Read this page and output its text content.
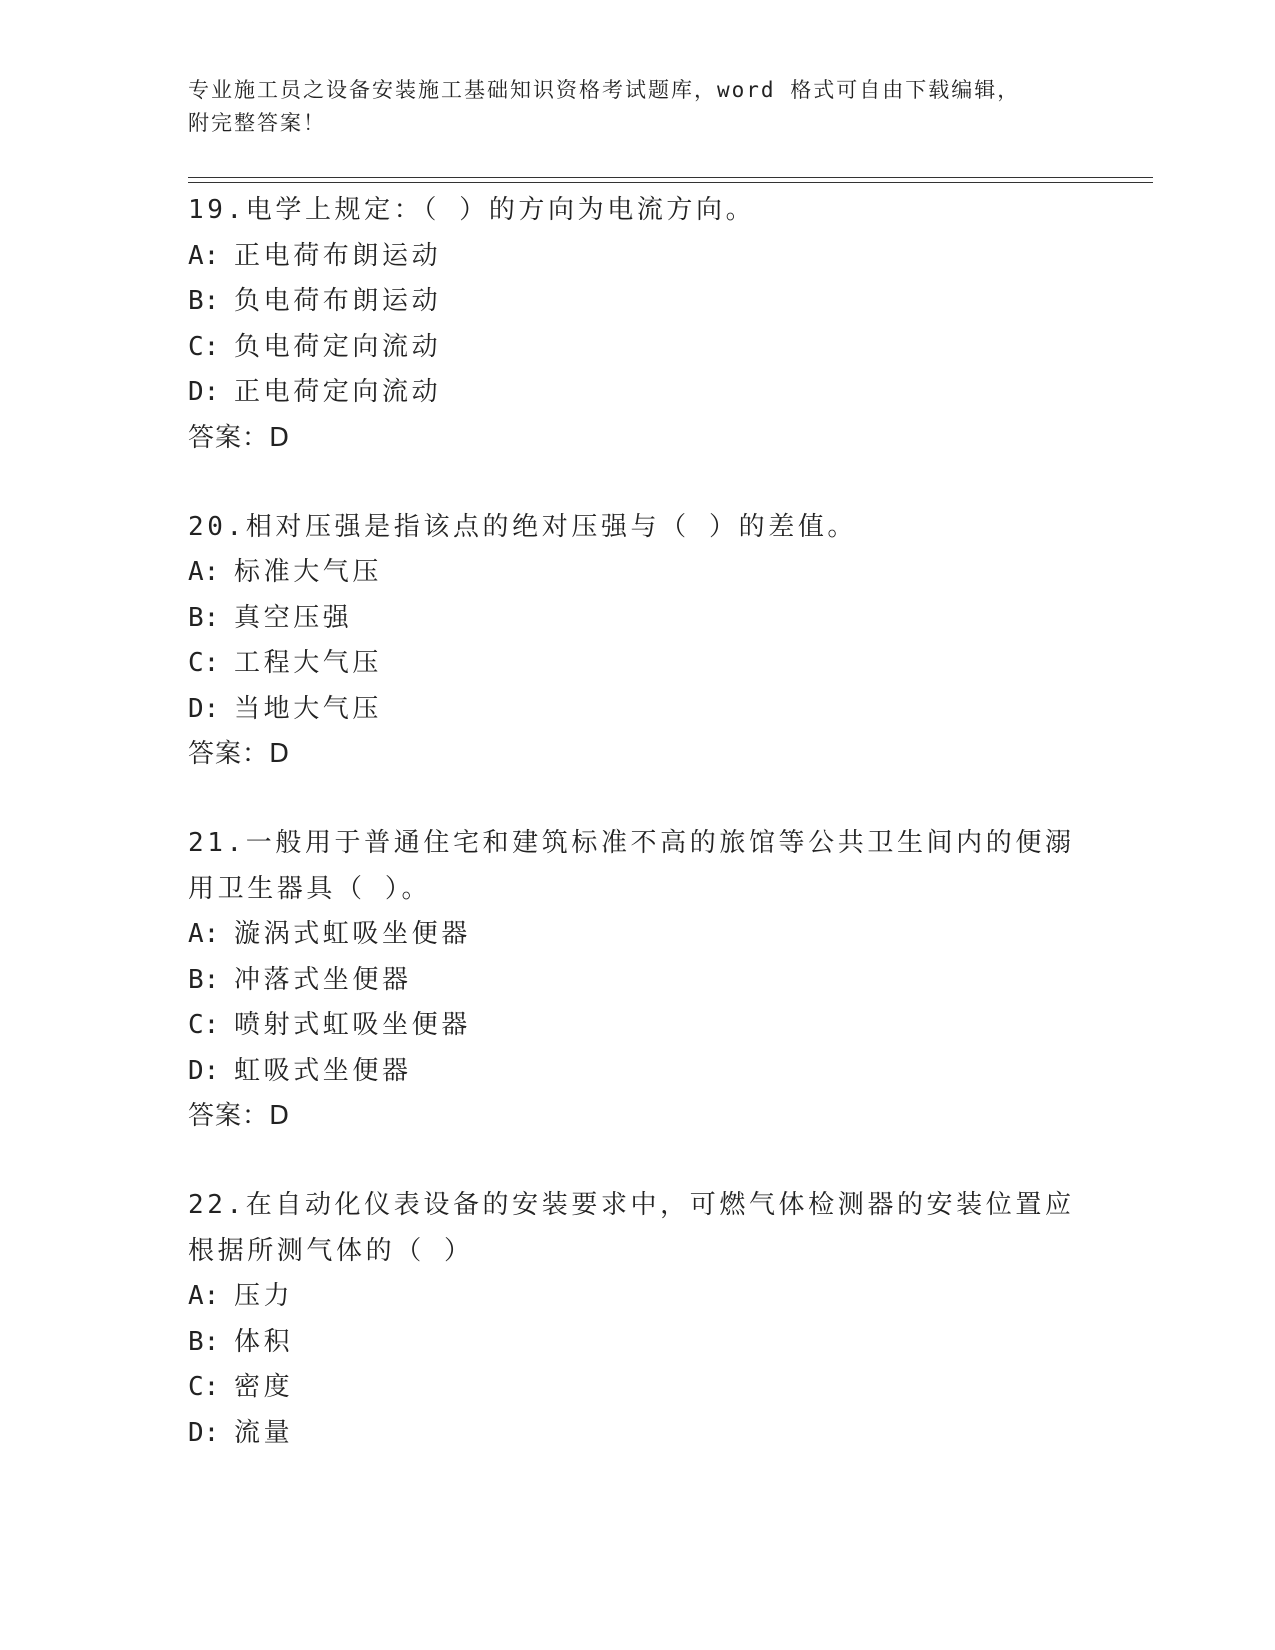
专业施工员之设备安装施工基础知识资格考试题库，word 格式可自由下载编辑，
附完整答案！
19.电学上规定：（ ）的方向为电流方向。
A: 正电荷布朗运动
B: 负电荷布朗运动
C: 负电荷定向流动
D: 正电荷定向流动
答案：D
20.相对压强是指该点的绝对压强与（ ）的差值。
A: 标准大气压
B: 真空压强
C: 工程大气压
D: 当地大气压
答案：D
21.一般用于普通住宅和建筑标准不高的旅馆等公共卫生间内的便溺用卫生器具（ ）。
A: 漩涡式虹吸坐便器
B: 冲落式坐便器
C: 喷射式虹吸坐便器
D: 虹吸式坐便器
答案：D
22.在自动化仪表设备的安装要求中，可燃气体检测器的安装位置应根据所测气体的（ ）
A: 压力
B: 体积
C: 密度
D: 流量
